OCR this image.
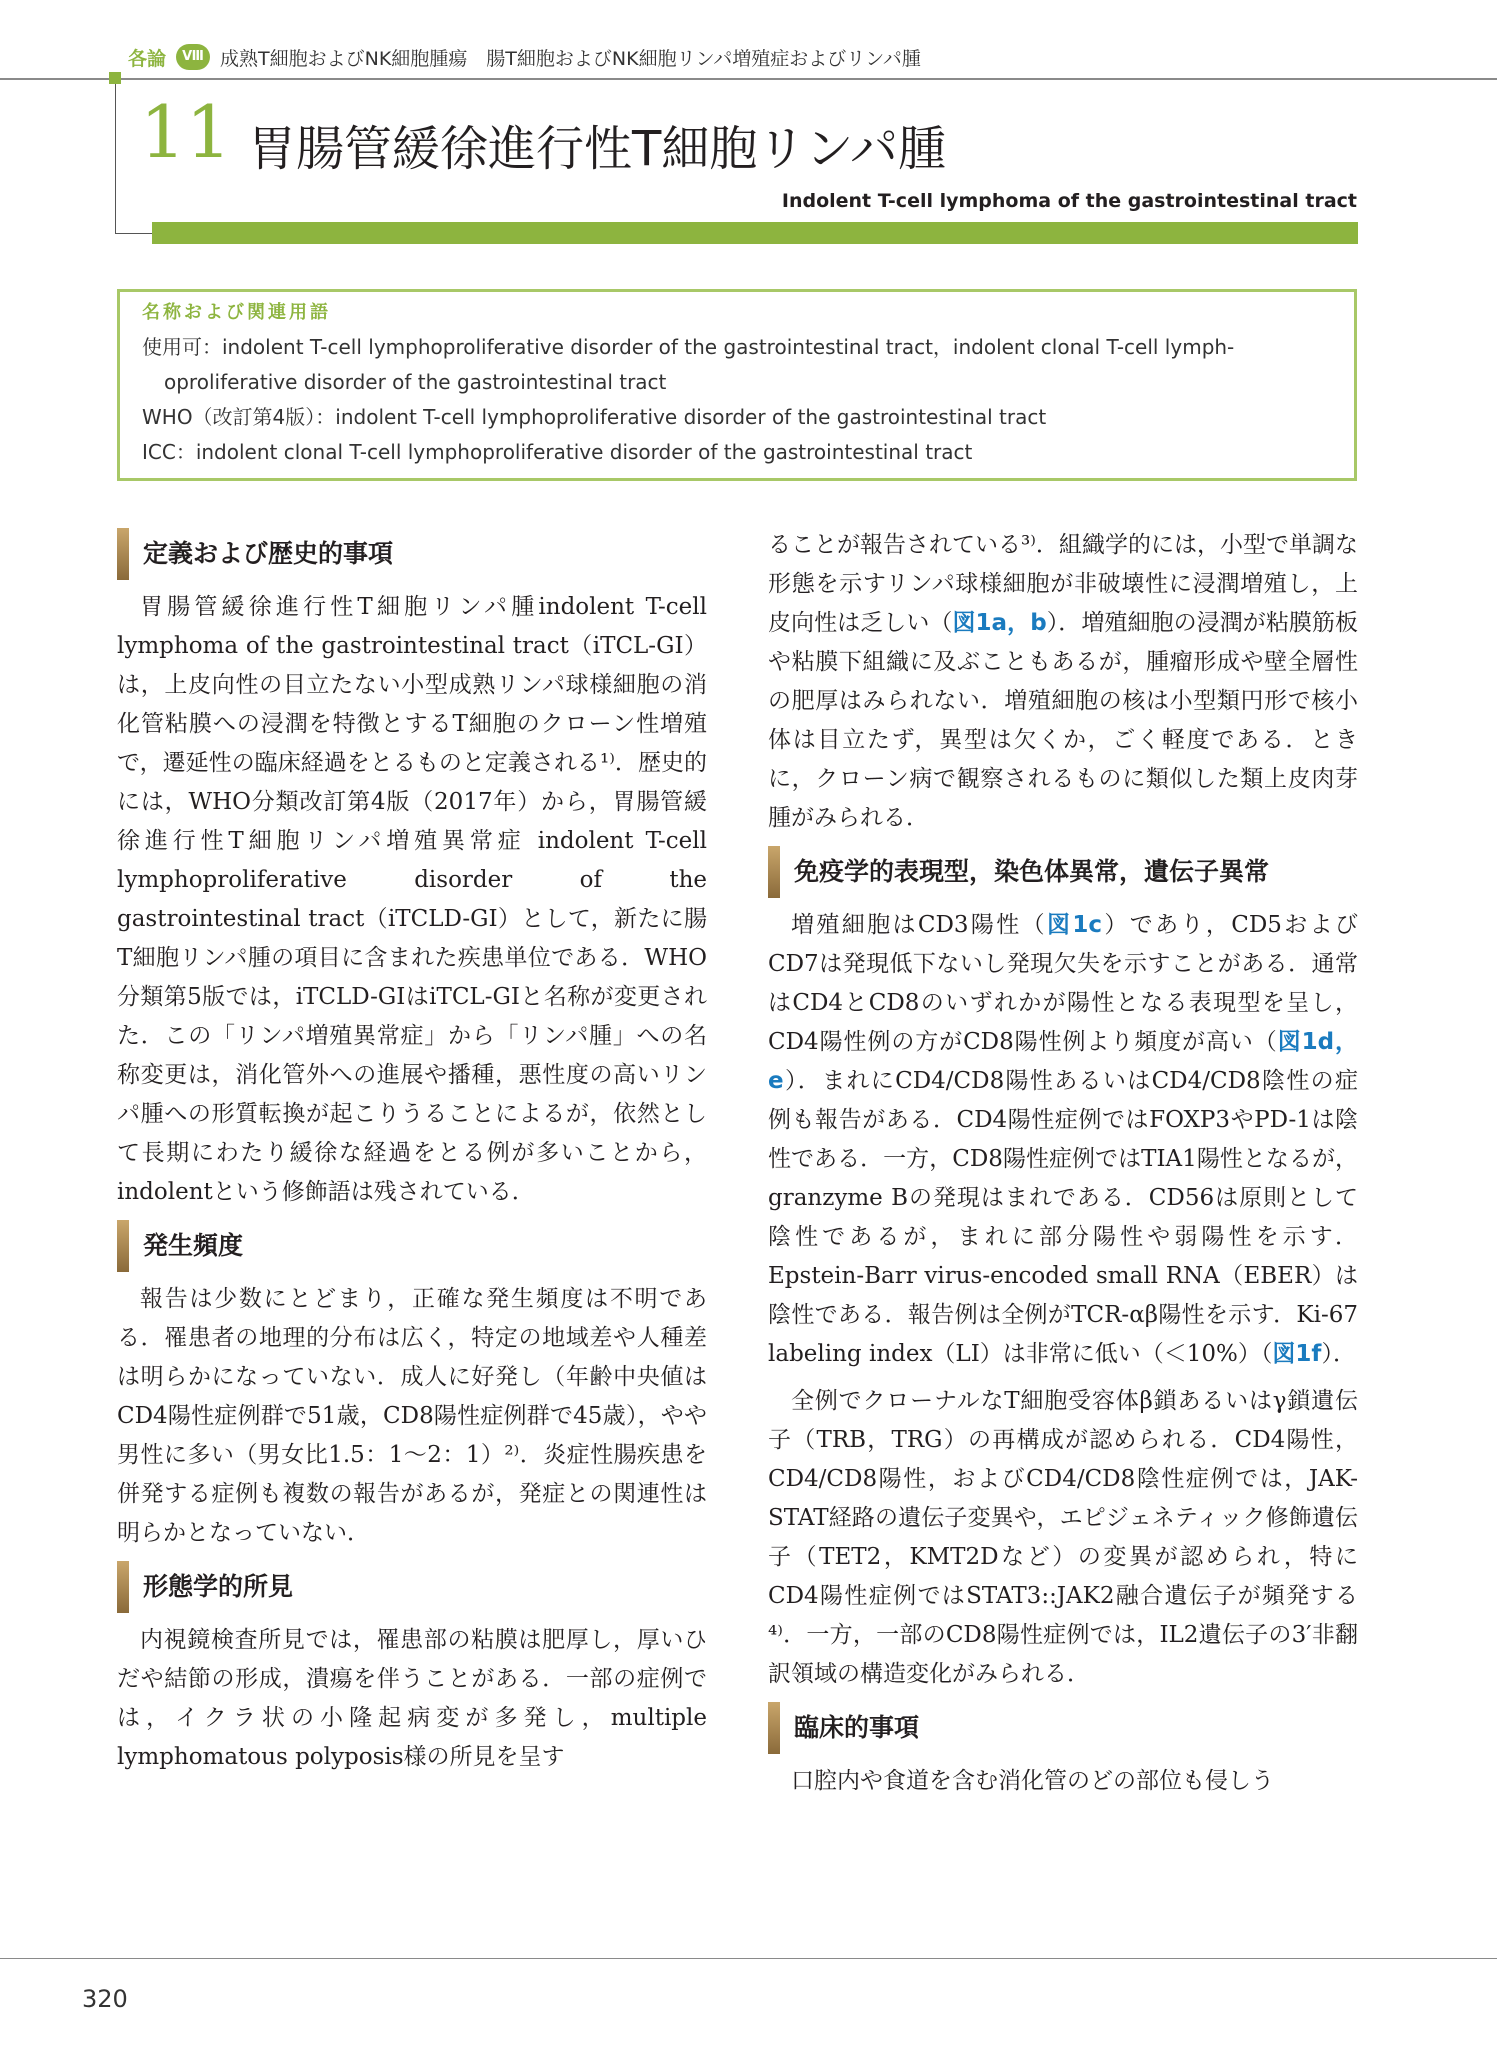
各論	Ⅷ 成熟T細胞およびNK細胞腫瘍　腸T細胞およびNK細胞リンパ増殖症およびリンパ腫
11 胃腸管緩徐進行性T細胞リンパ腫
Indolent T-cell lymphoma of the gastrointestinal tract
名称および関連用語
使用可：indolent T-cell lymphoproliferative disorder of the gastrointestinal tract，indolent clonal T-cell lymph-
oproliferative disorder of the gastrointestinal tract
WHO（改訂第4版）：indolent T-cell lymphoproliferative disorder of the gastrointestinal tract
ICC：indolent clonal T-cell lymphoproliferative disorder of the gastrointestinal tract
定義および歴史的事項

胃腸管緩徐進行性T細胞リンパ腫indolent T-cell lymphoma of the gastrointestinal tract（iTCL-GI）は，上皮向性の目立たない小型成熟リンパ球様細胞の消化管粘膜への浸潤を特徴とするT細胞のクローン性増殖で，遷延性の臨床経過をとるものと定義される¹⁾．歴史的には，WHO分類改訂第4版（2017年）から，胃腸管緩徐進行性T細胞リンパ増殖異常症 indolent T-cell lymphoproliferative disorder of the gastrointestinal tract（iTCLD-GI）として，新たに腸T細胞リンパ腫の項目に含まれた疾患単位である．WHO分類第5版では，iTCLD-GIはiTCL-GIと名称が変更された．この「リンパ増殖異常症」から「リンパ腫」への名称変更は，消化管外への進展や播種，悪性度の高いリンパ腫への形質転換が起こりうることによるが，依然として長期にわたり緩徐な経過をとる例が多いことから，indolentという修飾語は残されている．

発生頻度

報告は少数にとどまり，正確な発生頻度は不明である．罹患者の地理的分布は広く，特定の地域差や人種差は明らかになっていない．成人に好発し（年齢中央値はCD4陽性症例群で51歳，CD8陽性症例群で45歳），やや男性に多い（男女比1.5：1〜2：1）²⁾．炎症性腸疾患を併発する症例も複数の報告があるが，発症との関連性は明らかとなっていない．

形態学的所見

内視鏡検査所見では，罹患部の粘膜は肥厚し，厚いひだや結節の形成，潰瘍を伴うことがある．一部の症例では，イクラ状の小隆起病変が多発し，multiple lymphomatous polyposis様の所見を呈す

ることが報告されている³⁾．組織学的には，小型で単調な形態を示すリンパ球様細胞が非破壊性に浸潤増殖し，上皮向性は乏しい（図1a，b）．増殖細胞の浸潤が粘膜筋板や粘膜下組織に及ぶこともあるが，腫瘤形成や壁全層性の肥厚はみられない．増殖細胞の核は小型類円形で核小体は目立たず，異型は欠くか，ごく軽度である．ときに，クローン病で観察されるものに類似した類上皮肉芽腫がみられる．

免疫学的表現型，染色体異常，遺伝子異常

増殖細胞はCD3陽性（図1c）であり，CD5およびCD7は発現低下ないし発現欠失を示すことがある．通常はCD4とCD8のいずれかが陽性となる表現型を呈し，CD4陽性例の方がCD8陽性例より頻度が高い（図1d，e）．まれにCD4/CD8陽性あるいはCD4/CD8陰性の症例も報告がある．CD4陽性症例ではFOXP3やPD-1は陰性である．一方，CD8陽性症例ではTIA1陽性となるが，granzyme Bの発現はまれである．CD56は原則として陰性であるが，まれに部分陽性や弱陽性を示す．Epstein-Barr virus-encoded small RNA（EBER）は陰性である．報告例は全例がTCR-αβ陽性を示す．Ki-67 labeling index（LI）は非常に低い（＜10%）（図1f）．

全例でクローナルなT細胞受容体β鎖あるいはγ鎖遺伝子（TRB，TRG）の再構成が認められる．CD4陽性，CD4/CD8陽性，およびCD4/CD8陰性症例では，JAK-STAT経路の遺伝子変異や，エピジェネティック修飾遺伝子（TET2，KMT2Dなど）の変異が認められ，特にCD4陽性症例ではSTAT3::JAK2融合遺伝子が頻発する⁴⁾．一方，一部のCD8陽性症例では，IL2遺伝子の3′非翻訳領域の構造変化がみられる．

臨床的事項

口腔内や食道を含む消化管のどの部位も侵しう

320
